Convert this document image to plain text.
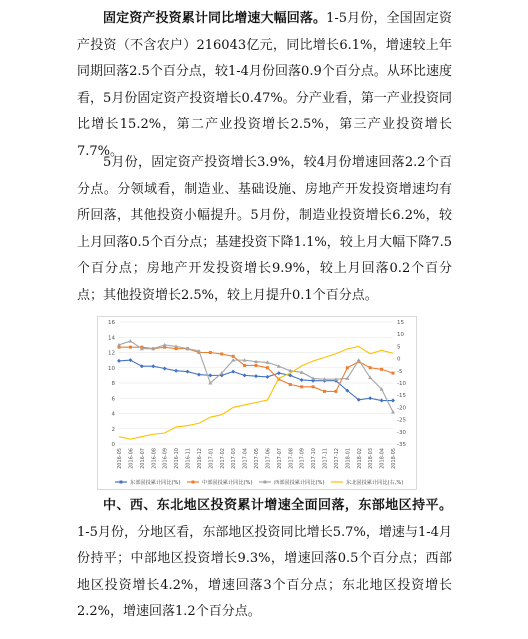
固定资产投资累计同比增速大幅回落。1-5月份，全国固定资产投资（不含农户）216043亿元，同比增长6.1%，增速较上年同期回落2.5个百分点，较1-4月份回落0.9个百分点。从环比速度看，5月份固定资产投资增长0.47%。分产业看，第一产业投资同比增长15.2%，第二产业投资增长2.5%，第三产业投资增长7.7%。

5月份，固定资产投资增长3.9%，较4月份增速回落2.2个百分点。分领域看，制造业、基础设施、房地产开发投资增速均有所回落，其他投资小幅提升。5月份，制造业投资增长6.2%，较上月回落0.5个百分点；基建投资下降1.1%，较上月大幅下降7.5个百分点；房地产开发投资增长9.9%，较上月回落0.2个百分点；其他投资增长2.5%，较上月提升0.1个百分点。

0
2
4
6
8
10
12
14
16
-35
-30
-25
-20
-15
-10
-5
0
5
10
15
2016-05 2016-06 2016-07 2016-08 2016-09 2016-10 2016-11 2016-12 2017-01 2017-02 2017-03 2017-04 2017-05 2017-06 2017-07 2017-08 2017-09 2017-10 2017-11 2017-12 2018-01 2018-02 2018-03 2018-04 2018-05
东部固投累计同比(%)	中部固投累计同比(%)	西部固投累计同比(%)	东北固投累计同比(右,%)

中、西、东北地区投资累计增速全面回落，东部地区持平。1-5月份，分地区看，东部地区投资同比增长5.7%，增速与1-4月份持平；中部地区投资增长9.3%，增速回落0.5个百分点；西部地区投资增长4.2%，增速回落3个百分点；东北地区投资增长2.2%，增速回落1.2个百分点。
